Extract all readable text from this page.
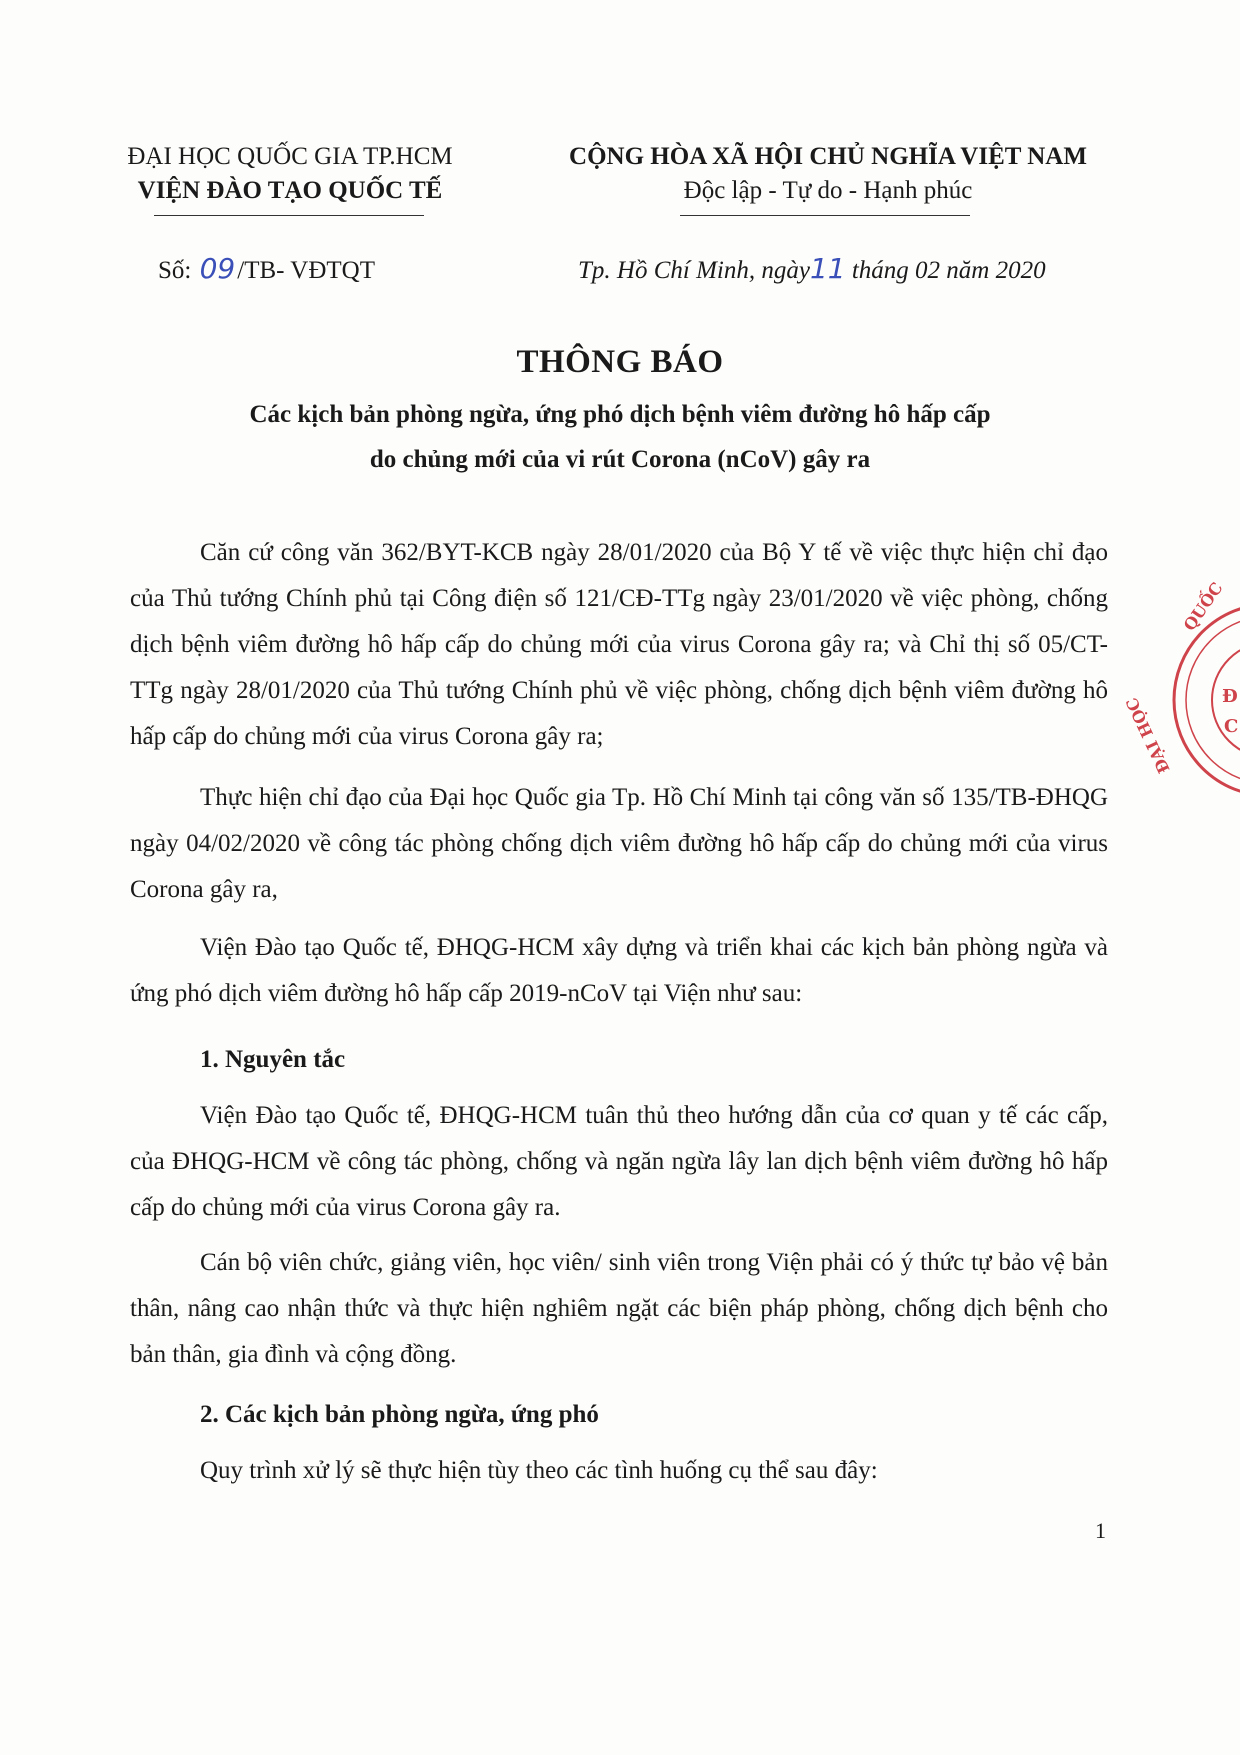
ĐẠI HỌC QUỐC GIA TP.HCM
VIỆN ĐÀO TẠO QUỐC TẾ
CỘNG HÒA XÃ HỘI CHỦ NGHĨA VIỆT NAM
Độc lập - Tự do - Hạnh phúc
Số: 09/TB- VĐTQT	Tp. Hồ Chí Minh, ngày11 tháng 02 năm 2020
THÔNG BÁO
Các kịch bản phòng ngừa, ứng phó dịch bệnh viêm đường hô hấp cấp
do chủng mới của vi rút Corona (nCoV) gây ra

Căn cứ công văn 362/BYT-KCB ngày 28/01/2020 của Bộ Y tế về việc thực hiện chỉ đạo của Thủ tướng Chính phủ tại Công điện số 121/CĐ-TTg ngày 23/01/2020 về việc phòng, chống dịch bệnh viêm đường hô hấp cấp do chủng mới của virus Corona gây ra; và Chỉ thị số 05/CT-TTg ngày 28/01/2020 của Thủ tướng Chính phủ về việc phòng, chống dịch bệnh viêm đường hô hấp cấp do chủng mới của virus Corona gây ra;

Thực hiện chỉ đạo của Đại học Quốc gia Tp. Hồ Chí Minh tại công văn số 135/TB-ĐHQG ngày 04/02/2020 về công tác phòng chống dịch viêm đường hô hấp cấp do chủng mới của virus Corona gây ra,

Viện Đào tạo Quốc tế, ĐHQG-HCM xây dựng và triển khai các kịch bản phòng ngừa và ứng phó dịch viêm đường hô hấp cấp 2019-nCoV tại Viện như sau:

1. Nguyên tắc

Viện Đào tạo Quốc tế, ĐHQG-HCM tuân thủ theo hướng dẫn của cơ quan y tế các cấp, của ĐHQG-HCM về công tác phòng, chống và ngăn ngừa lây lan dịch bệnh viêm đường hô hấp cấp do chủng mới của virus Corona gây ra.

Cán bộ viên chức, giảng viên, học viên/ sinh viên trong Viện phải có ý thức tự bảo vệ bản thân, nâng cao nhận thức và thực hiện nghiêm ngặt các biện pháp phòng, chống dịch bệnh cho bản thân, gia đình và cộng đồng.

2. Các kịch bản phòng ngừa, ứng phó

Quy trình xử lý sẽ thực hiện tùy theo các tình huống cụ thể sau đây:

1
QUỐC
ĐẠI HỌC	Đ
C
